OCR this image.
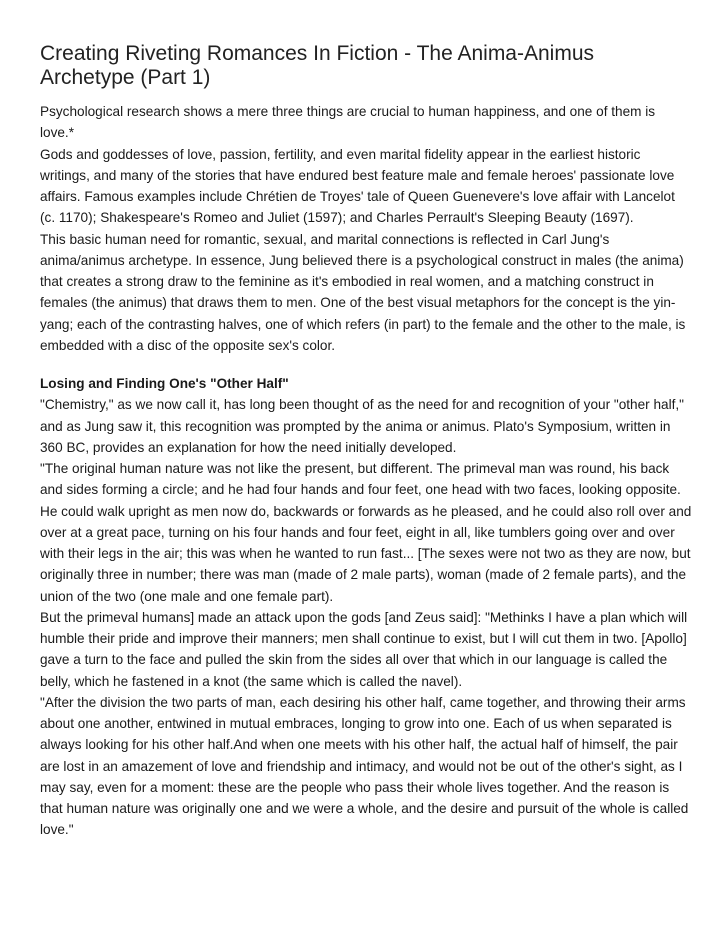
Creating Riveting Romances In Fiction - The Anima-Animus Archetype (Part 1)

Psychological research shows a mere three things are crucial to human happiness, and one of them is love.*

Gods and goddesses of love, passion, fertility, and even marital fidelity appear in the earliest historic writings, and many of the stories that have endured best feature male and female heroes' passionate love affairs. Famous examples include Chrétien de Troyes' tale of Queen Guenevere's love affair with Lancelot (c. 1170); Shakespeare's Romeo and Juliet (1597); and Charles Perrault's Sleeping Beauty (1697).

This basic human need for romantic, sexual, and marital connections is reflected in Carl Jung's anima/animus archetype. In essence, Jung believed there is a psychological construct in males (the anima) that creates a strong draw to the feminine as it's embodied in real women, and a matching construct in females (the animus) that draws them to men. One of the best visual metaphors for the concept is the yin-yang; each of the contrasting halves, one of which refers (in part) to the female and the other to the male, is embedded with a disc of the opposite sex's color.

Losing and Finding One's "Other Half"

"Chemistry," as we now call it, has long been thought of as the need for and recognition of your "other half," and as Jung saw it, this recognition was prompted by the anima or animus. Plato's Symposium, written in 360 BC, provides an explanation for how the need initially developed.

"The original human nature was not like the present, but different. The primeval man was round, his back and sides forming a circle; and he had four hands and four feet, one head with two faces, looking opposite. He could walk upright as men now do, backwards or forwards as he pleased, and he could also roll over and over at a great pace, turning on his four hands and four feet, eight in all, like tumblers going over and over with their legs in the air; this was when he wanted to run fast... [The sexes were not two as they are now, but originally three in number; there was man (made of 2 male parts), woman (made of 2 female parts), and the union of the two (one male and one female part).

But the primeval humans] made an attack upon the gods [and Zeus said]: "Methinks I have a plan which will humble their pride and improve their manners; men shall continue to exist, but I will cut them in two. [Apollo] gave a turn to the face and pulled the skin from the sides all over that which in our language is called the belly, which he fastened in a knot (the same which is called the navel).

"After the division the two parts of man, each desiring his other half, came together, and throwing their arms about one another, entwined in mutual embraces, longing to grow into one. Each of us when separated is always looking for his other half.And when one meets with his other half, the actual half of himself, the pair are lost in an amazement of love and friendship and intimacy, and would not be out of the other's sight, as I may say, even for a moment: these are the people who pass their whole lives together. And the reason is that human nature was originally one and we were a whole, and the desire and pursuit of the whole is called love."
